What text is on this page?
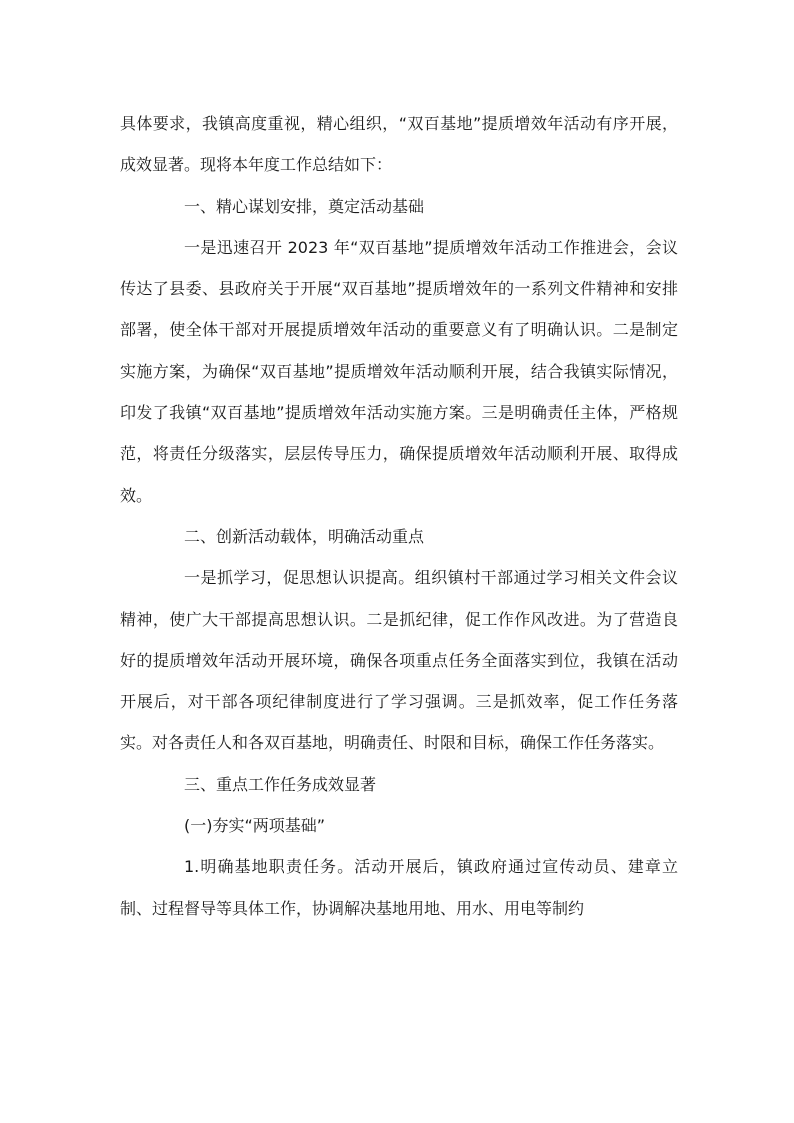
具体要求，我镇高度重视，精心组织，“双百基地”提质增效年活动有序开展，成效显著。现将本年度工作总结如下：

一、精心谋划安排，奠定活动基础

一是迅速召开 2023 年“双百基地”提质增效年活动工作推进会，会议传达了县委、县政府关于开展“双百基地”提质增效年的一系列文件精神和安排部署，使全体干部对开展提质增效年活动的重要意义有了明确认识。二是制定实施方案，为确保“双百基地”提质增效年活动顺利开展，结合我镇实际情况，印发了我镇“双百基地”提质增效年活动实施方案。三是明确责任主体，严格规范，将责任分级落实，层层传导压力，确保提质增效年活动顺利开展、取得成效。

二、创新活动载体，明确活动重点

一是抓学习，促思想认识提高。组织镇村干部通过学习相关文件会议精神，使广大干部提高思想认识。二是抓纪律，促工作作风改进。为了营造良好的提质增效年活动开展环境，确保各项重点任务全面落实到位，我镇在活动开展后，对干部各项纪律制度进行了学习强调。三是抓效率，促工作任务落实。对各责任人和各双百基地，明确责任、时限和目标，确保工作任务落实。

三、重点工作任务成效显著

(一)夯实“两项基础”

1.明确基地职责任务。活动开展后，镇政府通过宣传动员、建章立制、过程督导等具体工作，协调解决基地用地、用水、用电等制约
